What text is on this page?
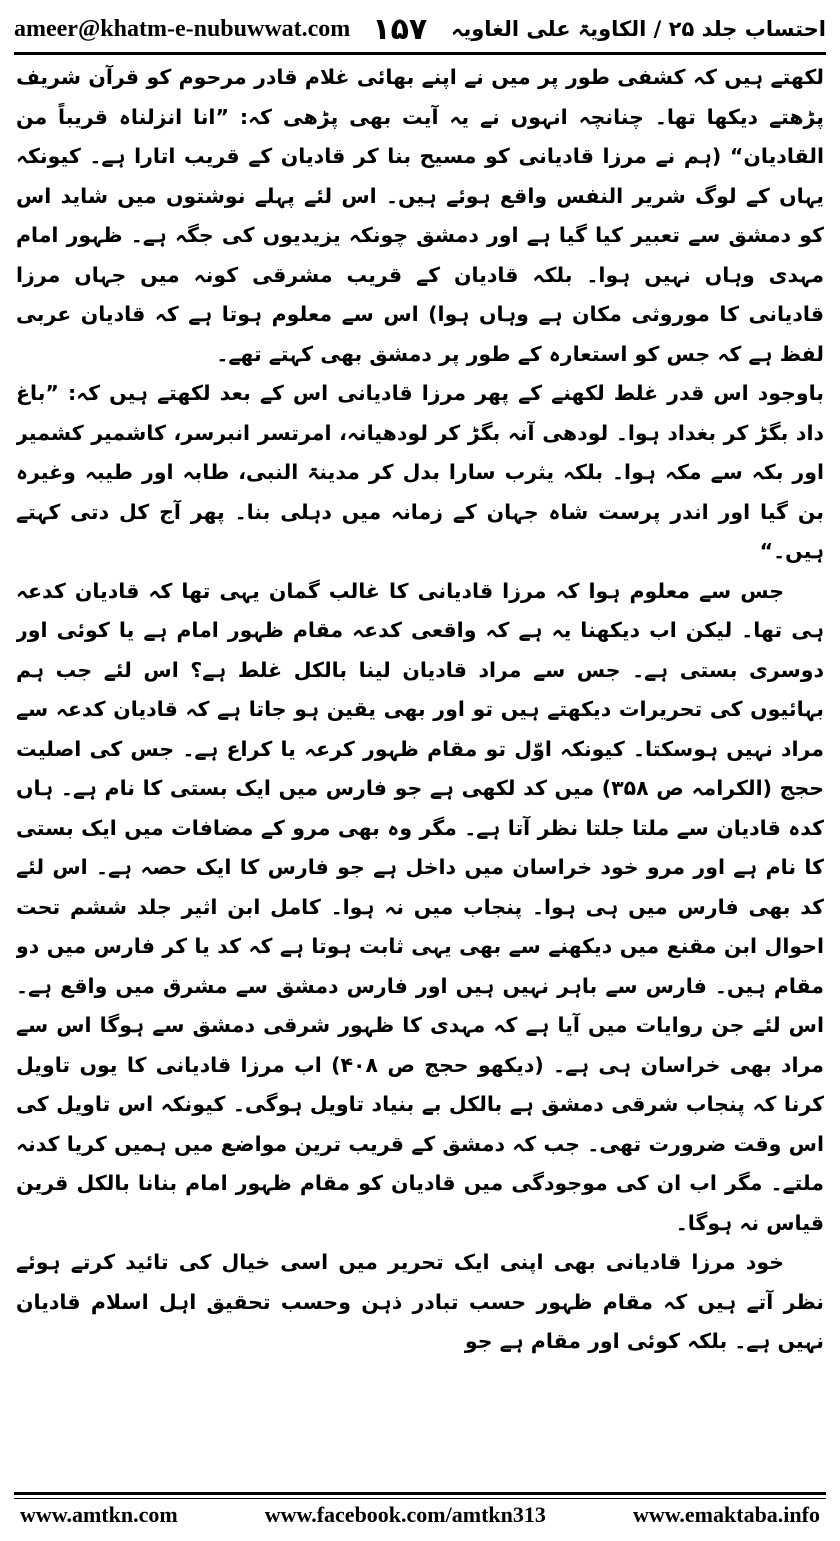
ameer@khatm-e-nubuwwat.com ۱۵۷ احتساب جلد ۲۵ / الکاویۃ علی الغاویہ

لکھتے ہیں کہ کشفی طور پر میں نے اپنے بھائی غلام قادر مرحوم کو قرآن شریف پڑھتے دیکھا تھا۔ چنانچہ انہوں نے یہ آیت بھی پڑھی کہ: ”انا انزلناہ قریباً من القادیان“ (ہم نے مرزا قادیانی کو مسیح بنا کر قادیان کے قریب اتارا ہے۔ کیونکہ یہاں کے لوگ شریر النفس واقع ہوئے ہیں۔ اس لئے پہلے نوشتوں میں شاید اس کو دمشق سے تعبیر کیا گیا ہے اور دمشق چونکہ یزیدیوں کی جگہ ہے۔ ظہور امام مہدی وہاں نہیں ہوا۔ بلکہ قادیان کے قریب مشرقی کونہ میں جہاں مرزا قادیانی کا موروثی مکان ہے وہاں ہوا) اس سے معلوم ہوتا ہے کہ قادیان عربی لفظ ہے کہ جس کو استعارہ کے طور پر دمشق بھی کہتے تھے۔

باوجود اس قدر غلط لکھنے کے پھر مرزا قادیانی اس کے بعد لکھتے ہیں کہ: ”باغ داد بگڑ کر بغداد ہوا۔ لودھی آنہ بگڑ کر لودھیانہ، امرتسر انبرسر، کاشمیر کشمیر اور بکہ سے مکہ ہوا۔ بلکہ یثرب سارا بدل کر مدینۃ النبی، طابہ اور طیبہ وغیرہ بن گیا اور اندر پرست شاہ جہان کے زمانہ میں دہلی بنا۔ پھر آج کل دتی کہتے ہیں۔“

جس سے معلوم ہوا کہ مرزا قادیانی کا غالب گمان یہی تھا کہ قادیان کدعہ ہی تھا۔ لیکن اب دیکھنا یہ ہے کہ واقعی کدعہ مقام ظہور امام ہے یا کوئی اور دوسری بستی ہے۔ جس سے مراد قادیان لینا بالکل غلط ہے؟ اس لئے جب ہم بہائیوں کی تحریرات دیکھتے ہیں تو اور بھی یقین ہو جاتا ہے کہ قادیان کدعہ سے مراد نہیں ہوسکتا۔ کیونکہ اوّل تو مقام ظہور کرعہ یا کراع ہے۔ جس کی اصلیت حجج (الکرامہ ص ۳۵۸) میں کد لکھی ہے جو فارس میں ایک بستی کا نام ہے۔ ہاں کدہ قادیان سے ملتا جلتا نظر آتا ہے۔ مگر وہ بھی مرو کے مضافات میں ایک بستی کا نام ہے اور مرو خود خراسان میں داخل ہے جو فارس کا ایک حصہ ہے۔ اس لئے کد بھی فارس میں ہی ہوا۔ پنجاب میں نہ ہوا۔ کامل ابن اثیر جلد ششم تحت احوال ابن مقنع میں دیکھنے سے بھی یہی ثابت ہوتا ہے کہ کد یا کر فارس میں دو مقام ہیں۔ فارس سے باہر نہیں ہیں اور فارس دمشق سے مشرق میں واقع ہے۔ اس لئے جن روایات میں آیا ہے کہ مہدی کا ظہور شرقی دمشق سے ہوگا اس سے مراد بھی خراسان ہی ہے۔ (دیکھو حجج ص ۴۰۸) اب مرزا قادیانی کا یوں تاویل کرنا کہ پنجاب شرقی دمشق ہے بالکل بے بنیاد تاویل ہوگی۔ کیونکہ اس تاویل کی اس وقت ضرورت تھی۔ جب کہ دمشق کے قریب ترین مواضع میں ہمیں کریا کدنہ ملتے۔ مگر اب ان کی موجودگی میں قادیان کو مقام ظہور امام بنانا بالکل قرین قیاس نہ ہوگا۔

خود مرزا قادیانی بھی اپنی ایک تحریر میں اسی خیال کی تائید کرتے ہوئے نظر آتے ہیں کہ مقام ظہور حسب تبادر ذہن وحسب تحقیق اہل اسلام قادیان نہیں ہے۔ بلکہ کوئی اور مقام ہے جو

www.amtkn.com	www.facebook.com/amtkn313	www.emaktaba.info
